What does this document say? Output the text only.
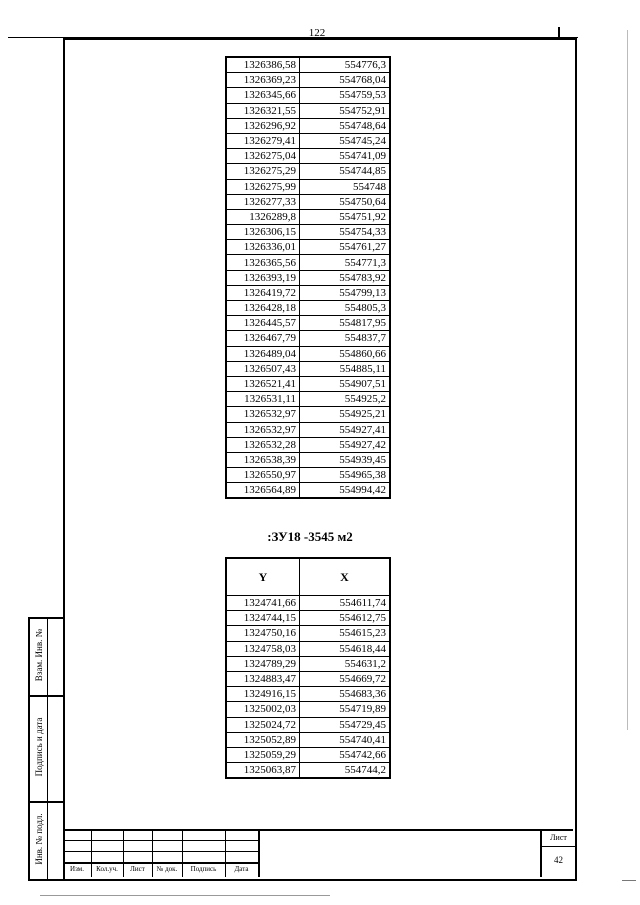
122
1326386,58	554776,3
1326369,23	554768,04
1326345,66	554759,53
1326321,55	554752,91
1326296,92	554748,64
1326279,41	554745,24
1326275,04	554741,09
1326275,29	554744,85
1326275,99	554748
1326277,33	554750,64
1326289,8	554751,92
1326306,15	554754,33
1326336,01	554761,27
1326365,56	554771,3
1326393,19	554783,92
1326419,72	554799,13
1326428,18	554805,3
1326445,57	554817,95
1326467,79	554837,7
1326489,04	554860,66
1326507,43	554885,11
1326521,41	554907,51
1326531,11	554925,2
1326532,97	554925,21
1326532,97	554927,41
1326532,28	554927,42
1326538,39	554939,45
1326550,97	554965,38
1326564,89	554994,42
:ЗУ18 -3545 м2
Y	X
1324741,66	554611,74
1324744,15	554612,75
1324750,16	554615,23
1324758,03	554618,44
1324789,29	554631,2
1324883,47	554669,72
1324916,15	554683,36
1325002,03	554719,89
1325024,72	554729,45
1325052,89	554740,41
1325059,29	554742,66
1325063,87	554744,2
Взам. Инв. №
Подпись и дата
Инв. № подл.
Изм.	Кол.уч.	Лист	№ док.	Подпись	Дата
Лист
42
